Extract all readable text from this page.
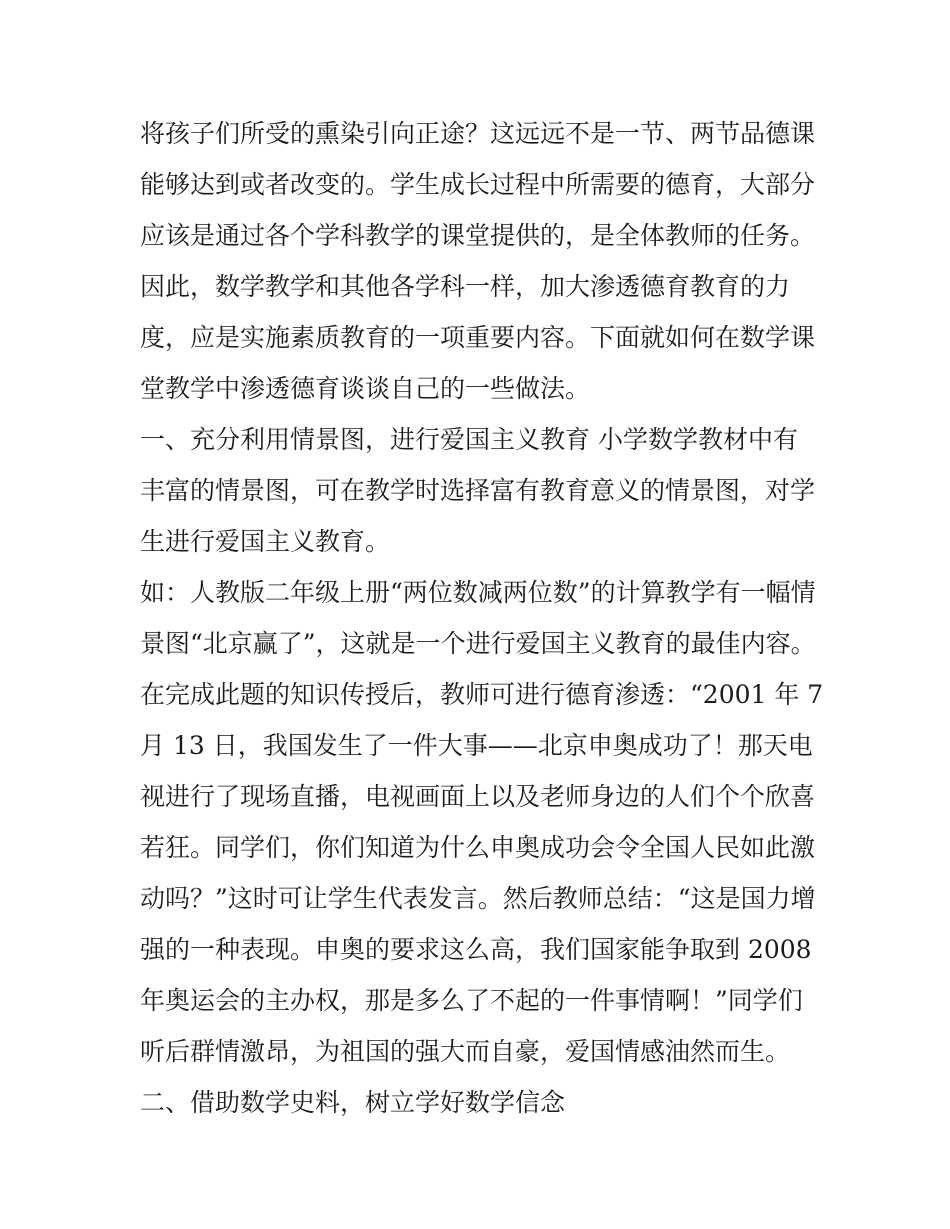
将孩子们所受的熏染引向正途？这远远不是一节、两节品德课
能够达到或者改变的。学生成长过程中所需要的德育，大部分
应该是通过各个学科教学的课堂提供的，是全体教师的任务。
因此，数学教学和其他各学科一样，加大渗透德育教育的力
度，应是实施素质教育的一项重要内容。下面就如何在数学课
堂教学中渗透德育谈谈自己的一些做法。
一、充分利用情景图，进行爱国主义教育 小学数学教材中有
丰富的情景图，可在教学时选择富有教育意义的情景图，对学
生进行爱国主义教育。
如：人教版二年级上册“两位数减两位数”的计算教学有一幅情
景图“北京赢了”，这就是一个进行爱国主义教育的最佳内容。
在完成此题的知识传授后，教师可进行德育渗透：“2001 年 7
月 13 日，我国发生了一件大事——北京申奥成功了！那天电
视进行了现场直播，电视画面上以及老师身边的人们个个欣喜
若狂。同学们，你们知道为什么申奥成功会令全国人民如此激
动吗？”这时可让学生代表发言。然后教师总结：“这是国力增
强的一种表现。申奥的要求这么高，我们国家能争取到 2008
年奥运会的主办权，那是多么了不起的一件事情啊！”同学们
听后群情激昂，为祖国的强大而自豪，爱国情感油然而生。
二、借助数学史料，树立学好数学信念
